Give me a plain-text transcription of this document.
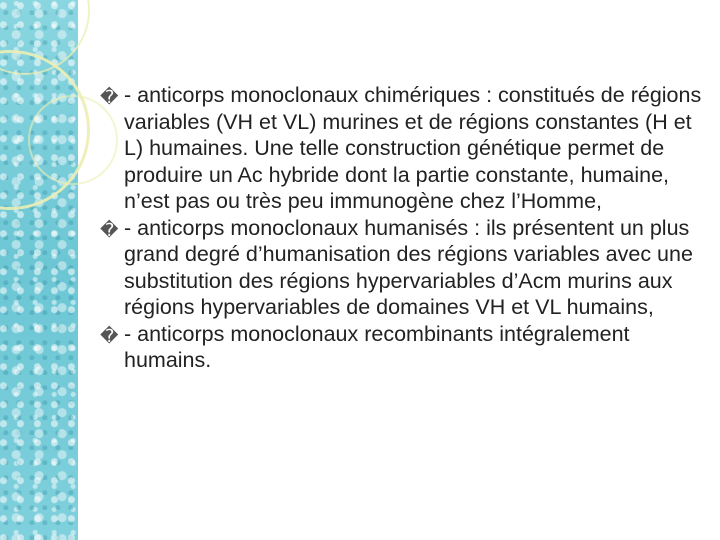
� - anticorps monoclonaux chimériques : constitués de régions variables (VH et VL) murines et de régions constantes (H et L) humaines. Une telle construction génétique permet de produire un Ac hybride dont la partie constante, humaine, n’est pas ou très peu immunogène chez l’Homme,

� - anticorps monoclonaux humanisés : ils présentent un plus grand degré d’humanisation des régions variables avec une substitution des régions hypervariables d’Acm murins aux régions hypervariables de domaines VH et VL humains,

� - anticorps monoclonaux recombinants intégralement humains.
